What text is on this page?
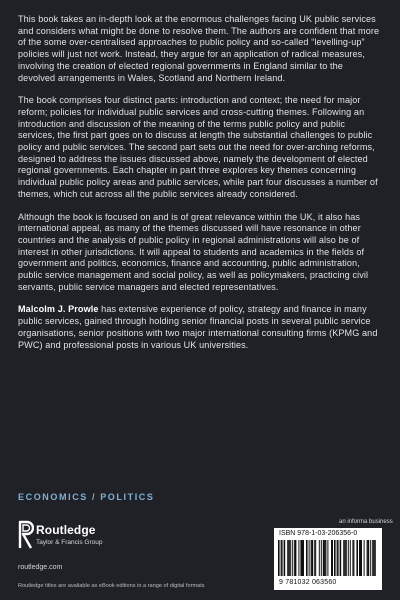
This book takes an in-depth look at the enormous challenges facing UK public services and considers what might be done to resolve them. The authors are confident that more of the some over-centralised approaches to public policy and so-called “levelling-up” policies will just not work. Instead, they argue for an application of radical measures, involving the creation of elected regional governments in England similar to the devolved arrangements in Wales, Scotland and Northern Ireland.

The book comprises four distinct parts: introduction and context; the need for major reform; policies for individual public services and cross-cutting themes. Following an introduction and discussion of the meaning of the terms public policy and public services, the first part goes on to discuss at length the substantial challenges to public policy and public services. The second part sets out the need for over-arching reforms, designed to address the issues discussed above, namely the development of elected regional governments. Each chapter in part three explores key themes concerning individual public policy areas and public services, while part four discusses a number of themes, which cut across all the public services already considered.

Although the book is focused on and is of great relevance within the UK, it also has international appeal, as many of the themes discussed will have resonance in other countries and the analysis of public policy in regional administrations will also be of interest in other jurisdictions. It will appeal to students and academics in the fields of government and politics, economics, finance and accounting, public administration, public service management and social policy, as well as policymakers, practicing civil servants, public service managers and elected representatives.

Malcolm J. Prowle has extensive experience of policy, strategy and finance in many public services, gained through holding senior financial posts in several public service organisations, senior positions with two major international consulting firms (KPMG and PWC) and professional posts in various UK universities.

ECONOMICS / POLITICS
Routledge
Taylor & Francis Group
routledge.com
Routledge titles are available as eBook editions in a range of digital formats
an informa business
ISBN 978-1-03-206356-0
9 781032 063560
